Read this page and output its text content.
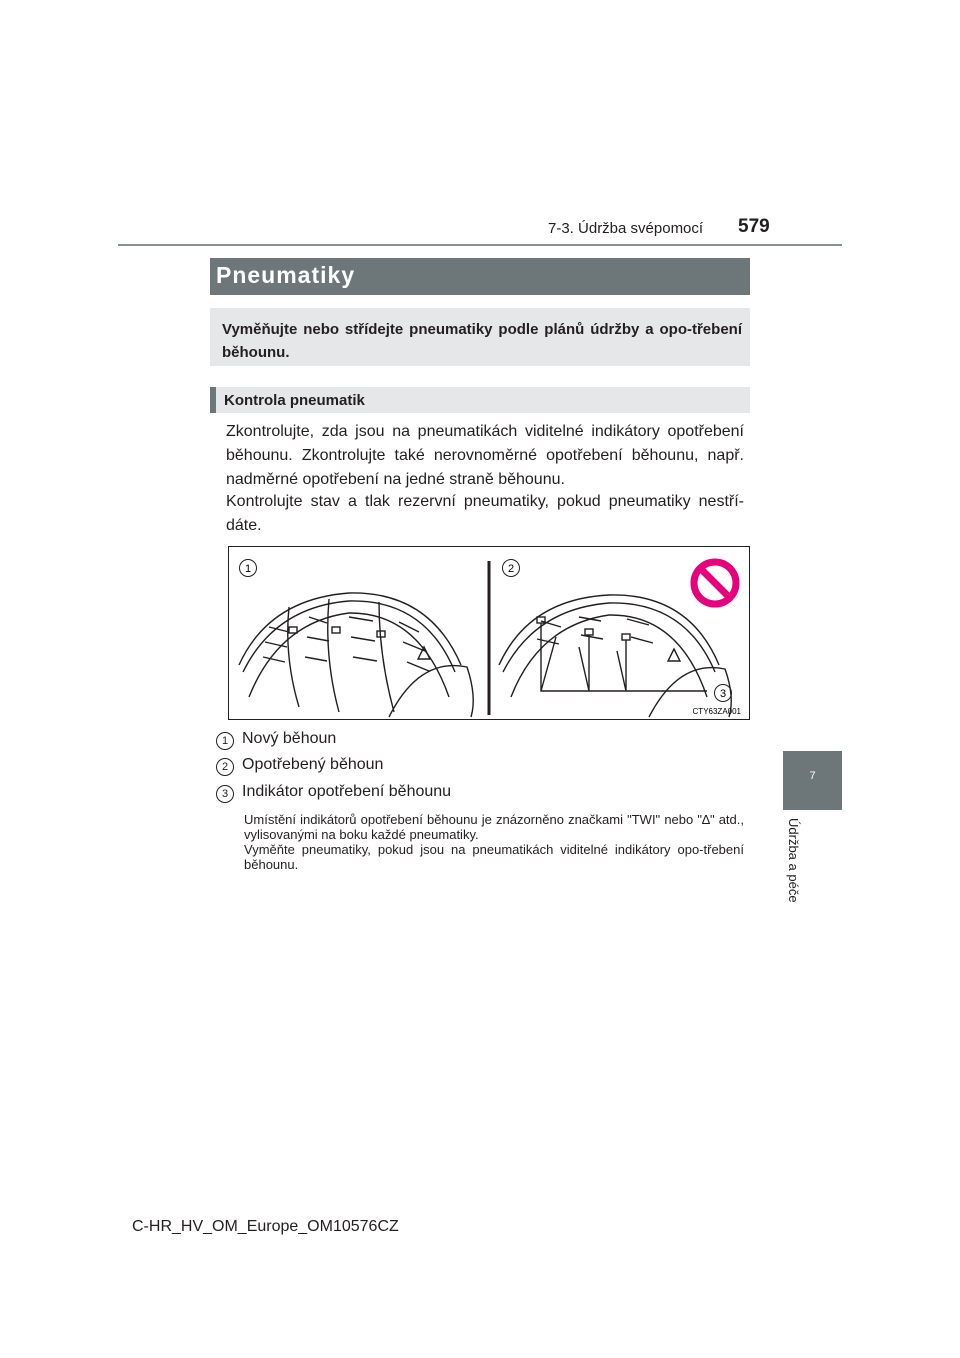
7-3. Údržba svépomocí 579
Pneumatiky
Vyměňujte nebo střídejte pneumatiky podle plánů údržby a opo-třebení běhounu.
Kontrola pneumatik
Zkontrolujte, zda jsou na pneumatikách viditelné indikátory opotřebení běhounu. Zkontrolujte také nerovnoměrné opotřebení běhounu, např. nadměrné opotřebení na jedné straně běhounu.
Kontrolujte stav a tlak rezervní pneumatiky, pokud pneumatiky nestří-dáte.
1	2
3
CTY63ZA001
1 Nový běhoun
2 Opotřebený běhoun
3 Indikátor opotřebení běhounu
Umístění indikátorů opotřebení běhounu je znázorněno značkami "TWI" nebo "∆" atd., vylisovanými na boku každé pneumatiky.
Vyměňte pneumatiky, pokud jsou na pneumatikách viditelné indikátory opo-třebení běhounu.
7
Údržba a péče
C-HR_HV_OM_Europe_OM10576CZ
